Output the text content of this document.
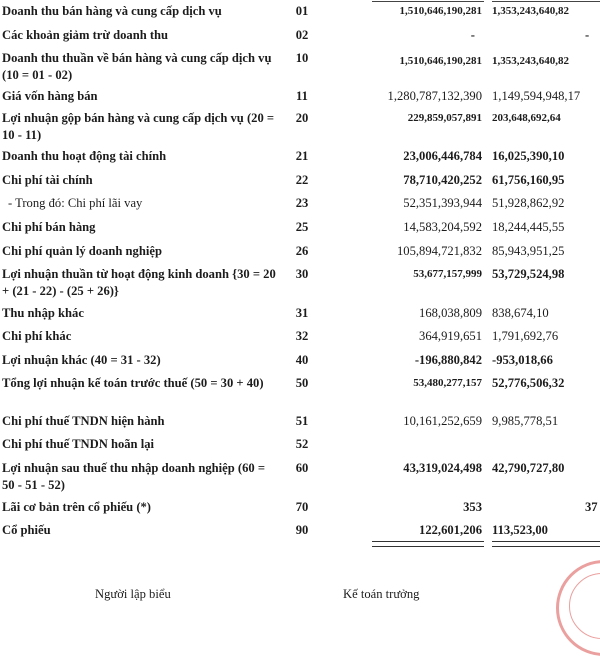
Doanh thu bán hàng và cung cấp dịch vụ	01	1,510,646,190,281 1,353,243,640,82
Các khoản giảm trừ doanh thu	02	-	-
Doanh thu thuần về bán hàng và cung cấp dịch vụ (10 = 01 - 02)
10	1,510,646,190,281 1,353,243,640,82
Giá vốn hàng bán	11	1,280,787,132,390 1,149,594,948,17
Lợi nhuận gộp bán hàng và cung cấp dịch vụ (20 = 10 - 11)
20	229,859,057,891 203,648,692,64
Doanh thu hoạt động tài chính	21	23,006,446,784 16,025,390,10
Chi phí tài chính	22	78,710,420,252 61,756,160,95
- Trong đó: Chi phí lãi vay	23	52,351,393,944 51,928,862,92
Chi phí bán hàng	25	14,583,204,592 18,244,445,55
Chi phí quản lý doanh nghiệp	26	105,894,721,832 85,943,951,25
Lợi nhuận thuần từ hoạt động kinh doanh {30 = 20 + (21 - 22) - (25 + 26)}
30	53,677,157,999 53,729,524,98
Thu nhập khác	31	168,038,809 838,674,10
Chi phí khác	32	364,919,651 1,791,692,76
Lợi nhuận khác (40 = 31 - 32)	40	-196,880,842 -953,018,66
Tổng lợi nhuận kế toán trước thuế (50 = 30 + 40)	50	53,480,277,157 52,776,506,32
Chi phí thuế TNDN hiện hành	51	10,161,252,659 9,985,778,51
Chi phí thuế TNDN hoãn lại	52
Lợi nhuận sau thuế thu nhập doanh nghiệp (60 = 50 - 51 - 52)
60	43,319,024,498 42,790,727,80
Lãi cơ bản trên cổ phiếu (*)	70	353	37
Cổ phiếu	90	122,601,206 113,523,00
Người lập biểu	Kế toán trưởng
